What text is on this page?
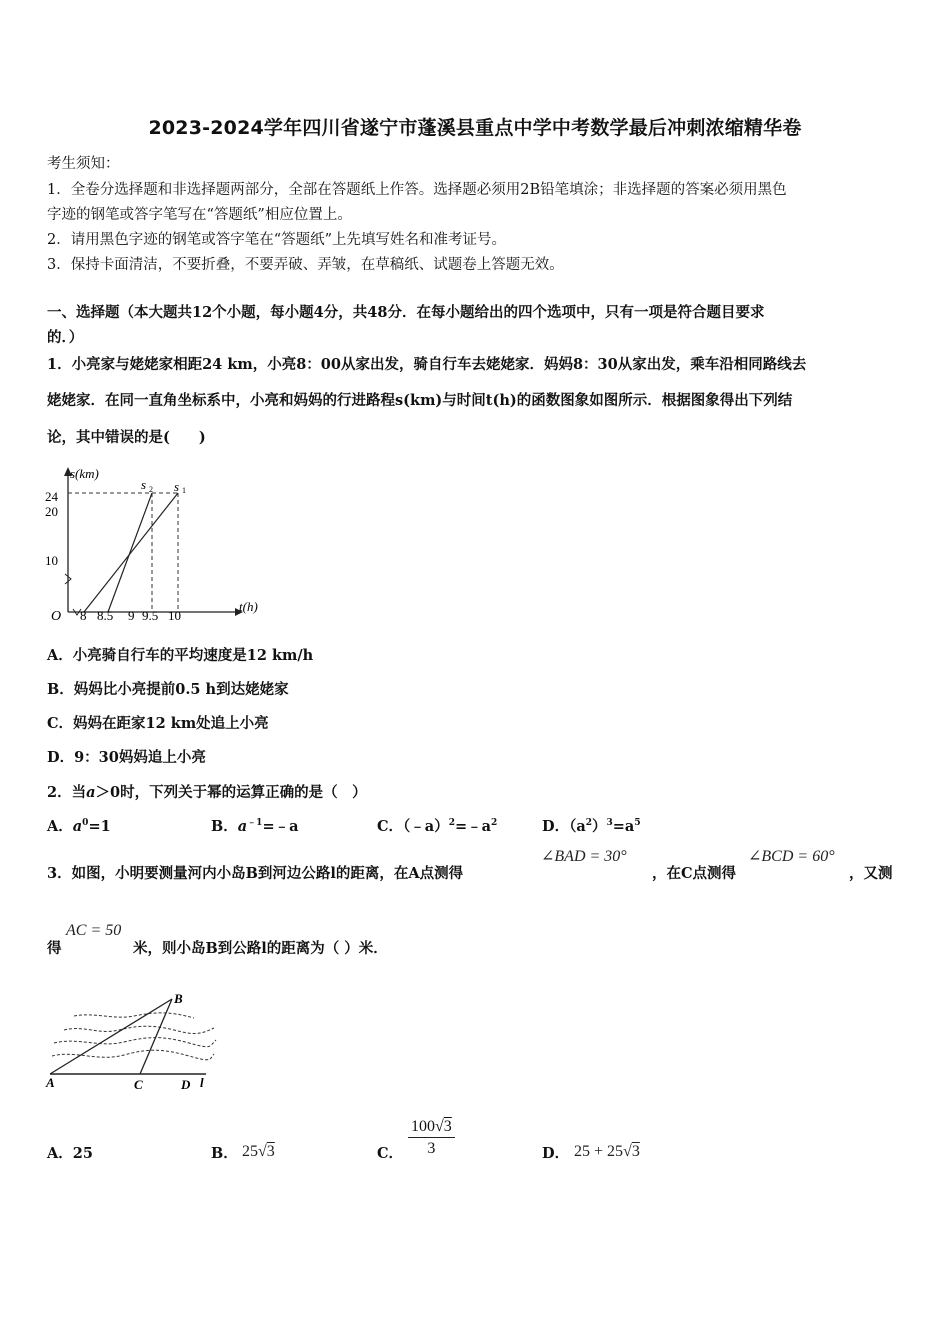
2023-2024学年四川省遂宁市蓬溪县重点中学中考数学最后冲刺浓缩精华卷
考生须知：
1．全卷分选择题和非选择题两部分，全部在答题纸上作答。选择题必须用2B铅笔填涂；非选择题的答案必须用黑色
字迹的钢笔或答字笔写在“答题纸”相应位置上。
2．请用黑色字迹的钢笔或答字笔在“答题纸”上先填写姓名和准考证号。
3．保持卡面清洁，不要折叠，不要弄破、弄皱，在草稿纸、试题卷上答题无效。
一、选择题（本大题共12个小题，每小题4分，共48分．在每小题给出的四个选项中，只有一项是符合题目要求
的．）
1．小亮家与姥姥家相距24 km，小亮8：00从家出发，骑自行车去姥姥家．妈妈8：30从家出发，乘车沿相同路线去
姥姥家．在同一直角坐标系中，小亮和妈妈的行进路程s(km)与时间t(h)的函数图象如图所示．根据图象得出下列结
论，其中错误的是(　　)
s(km)
t(h)
O
24
20
10
8 8.5 9 9.5 10
s 2 s 1
A．小亮骑自行车的平均速度是12 km/h
B．妈妈比小亮提前0.5 h到达姥姥家
C．妈妈在距家12 km处追上小亮
D．9：30妈妈追上小亮
2．当a＞0时，下列关于幂的运算正确的是（　）
A．$a^0=1$	B．$a^{﹣1}=﹣a$	C．$(﹣a)^2=﹣a^2$	D．$(a^2)^3=a^5$
3．如图，小明要测量河内小岛B到河边公路l的距离，在A点测得
∠BAD = 30°
，在C点测得
∠BCD = 60°
，又测
得
AC = 50
米，则小岛B到公路l的距离为（ ）米．
A
B
C	D l
A．25	B． 25√3	C． $\frac{100√3}{3}$	D． 25 + 25√3
